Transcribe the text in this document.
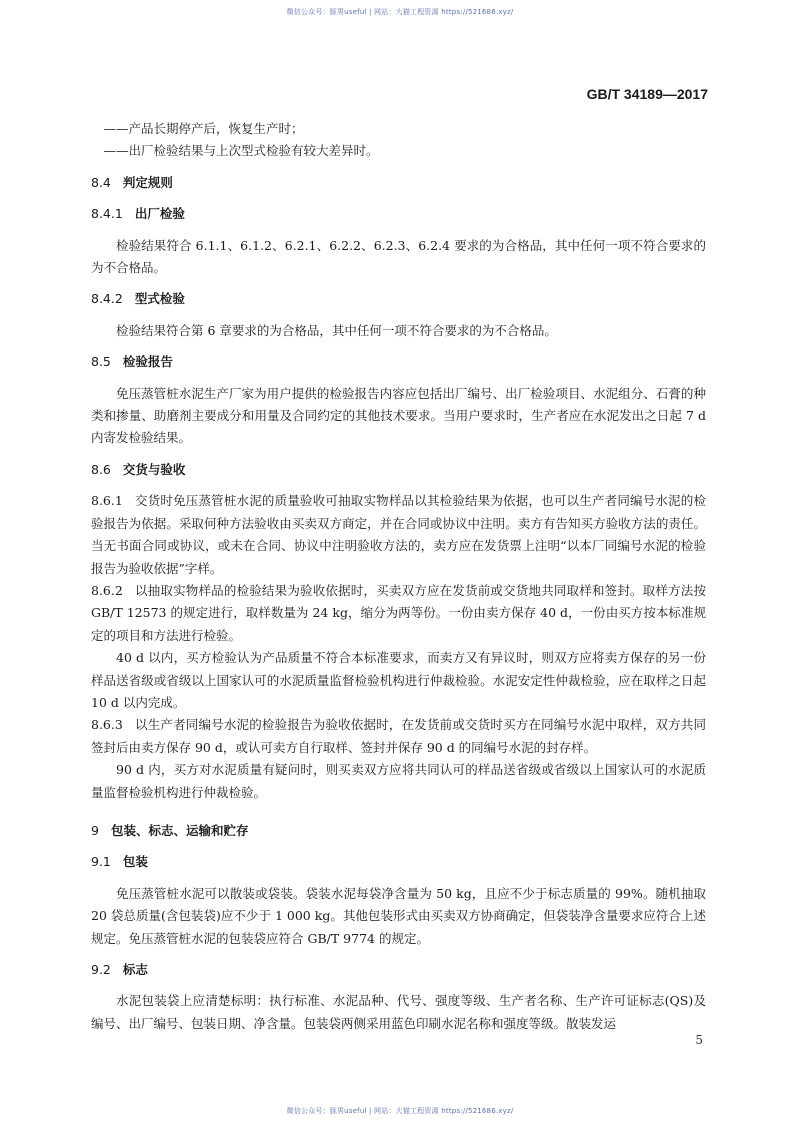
微信公众号：豚男useful | 网站：大猫工程资源 https://521686.xyz/
GB/T 34189—2017

——产品长期停产后，恢复生产时；

——出厂检验结果与上次型式检验有较大差异时。

8.4 判定规则

8.4.1 出厂检验

检验结果符合 6.1.1、6.1.2、6.2.1、6.2.2、6.2.3、6.2.4 要求的为合格品，其中任何一项不符合要求的为不合格品。

8.4.2 型式检验

检验结果符合第 6 章要求的为合格品，其中任何一项不符合要求的为不合格品。

8.5 检验报告

免压蒸管桩水泥生产厂家为用户提供的检验报告内容应包括出厂编号、出厂检验项目、水泥组分、石膏的种类和掺量、助磨剂主要成分和用量及合同约定的其他技术要求。当用户要求时，生产者应在水泥发出之日起 7 d 内寄发检验结果。

8.6 交货与验收

8.6.1 交货时免压蒸管桩水泥的质量验收可抽取实物样品以其检验结果为依据，也可以生产者同编号水泥的检验报告为依据。采取何种方法验收由买卖双方商定，并在合同或协议中注明。卖方有告知买方验收方法的责任。当无书面合同或协议，或未在合同、协议中注明验收方法的，卖方应在发货票上注明“以本厂同编号水泥的检验报告为验收依据”字样。

8.6.2 以抽取实物样品的检验结果为验收依据时，买卖双方应在发货前或交货地共同取样和签封。取样方法按 GB/T 12573 的规定进行，取样数量为 24 kg，缩分为两等份。一份由卖方保存 40 d，一份由买方按本标准规定的项目和方法进行检验。

40 d 以内，买方检验认为产品质量不符合本标准要求，而卖方又有异议时，则双方应将卖方保存的另一份样品送省级或省级以上国家认可的水泥质量监督检验机构进行仲裁检验。水泥安定性仲裁检验，应在取样之日起 10 d 以内完成。

8.6.3 以生产者同编号水泥的检验报告为验收依据时，在发货前或交货时买方在同编号水泥中取样，双方共同签封后由卖方保存 90 d，或认可卖方自行取样、签封并保存 90 d 的同编号水泥的封存样。

90 d 内，买方对水泥质量有疑问时，则买卖双方应将共同认可的样品送省级或省级以上国家认可的水泥质量监督检验机构进行仲裁检验。

9 包装、标志、运输和贮存

9.1 包装

免压蒸管桩水泥可以散装或袋装。袋装水泥每袋净含量为 50 kg，且应不少于标志质量的 99%。随机抽取 20 袋总质量(含包装袋)应不少于 1 000 kg。其他包装形式由买卖双方协商确定，但袋装净含量要求应符合上述规定。免压蒸管桩水泥的包装袋应符合 GB/T 9774 的规定。

9.2 标志

水泥包装袋上应清楚标明：执行标准、水泥品种、代号、强度等级、生产者名称、生产许可证标志(QS)及编号、出厂编号、包装日期、净含量。包装袋两侧采用蓝色印刷水泥名称和强度等级。散装发运

5
微信公众号：豚男useful | 网站：大猫工程资源 https://521686.xyz/
